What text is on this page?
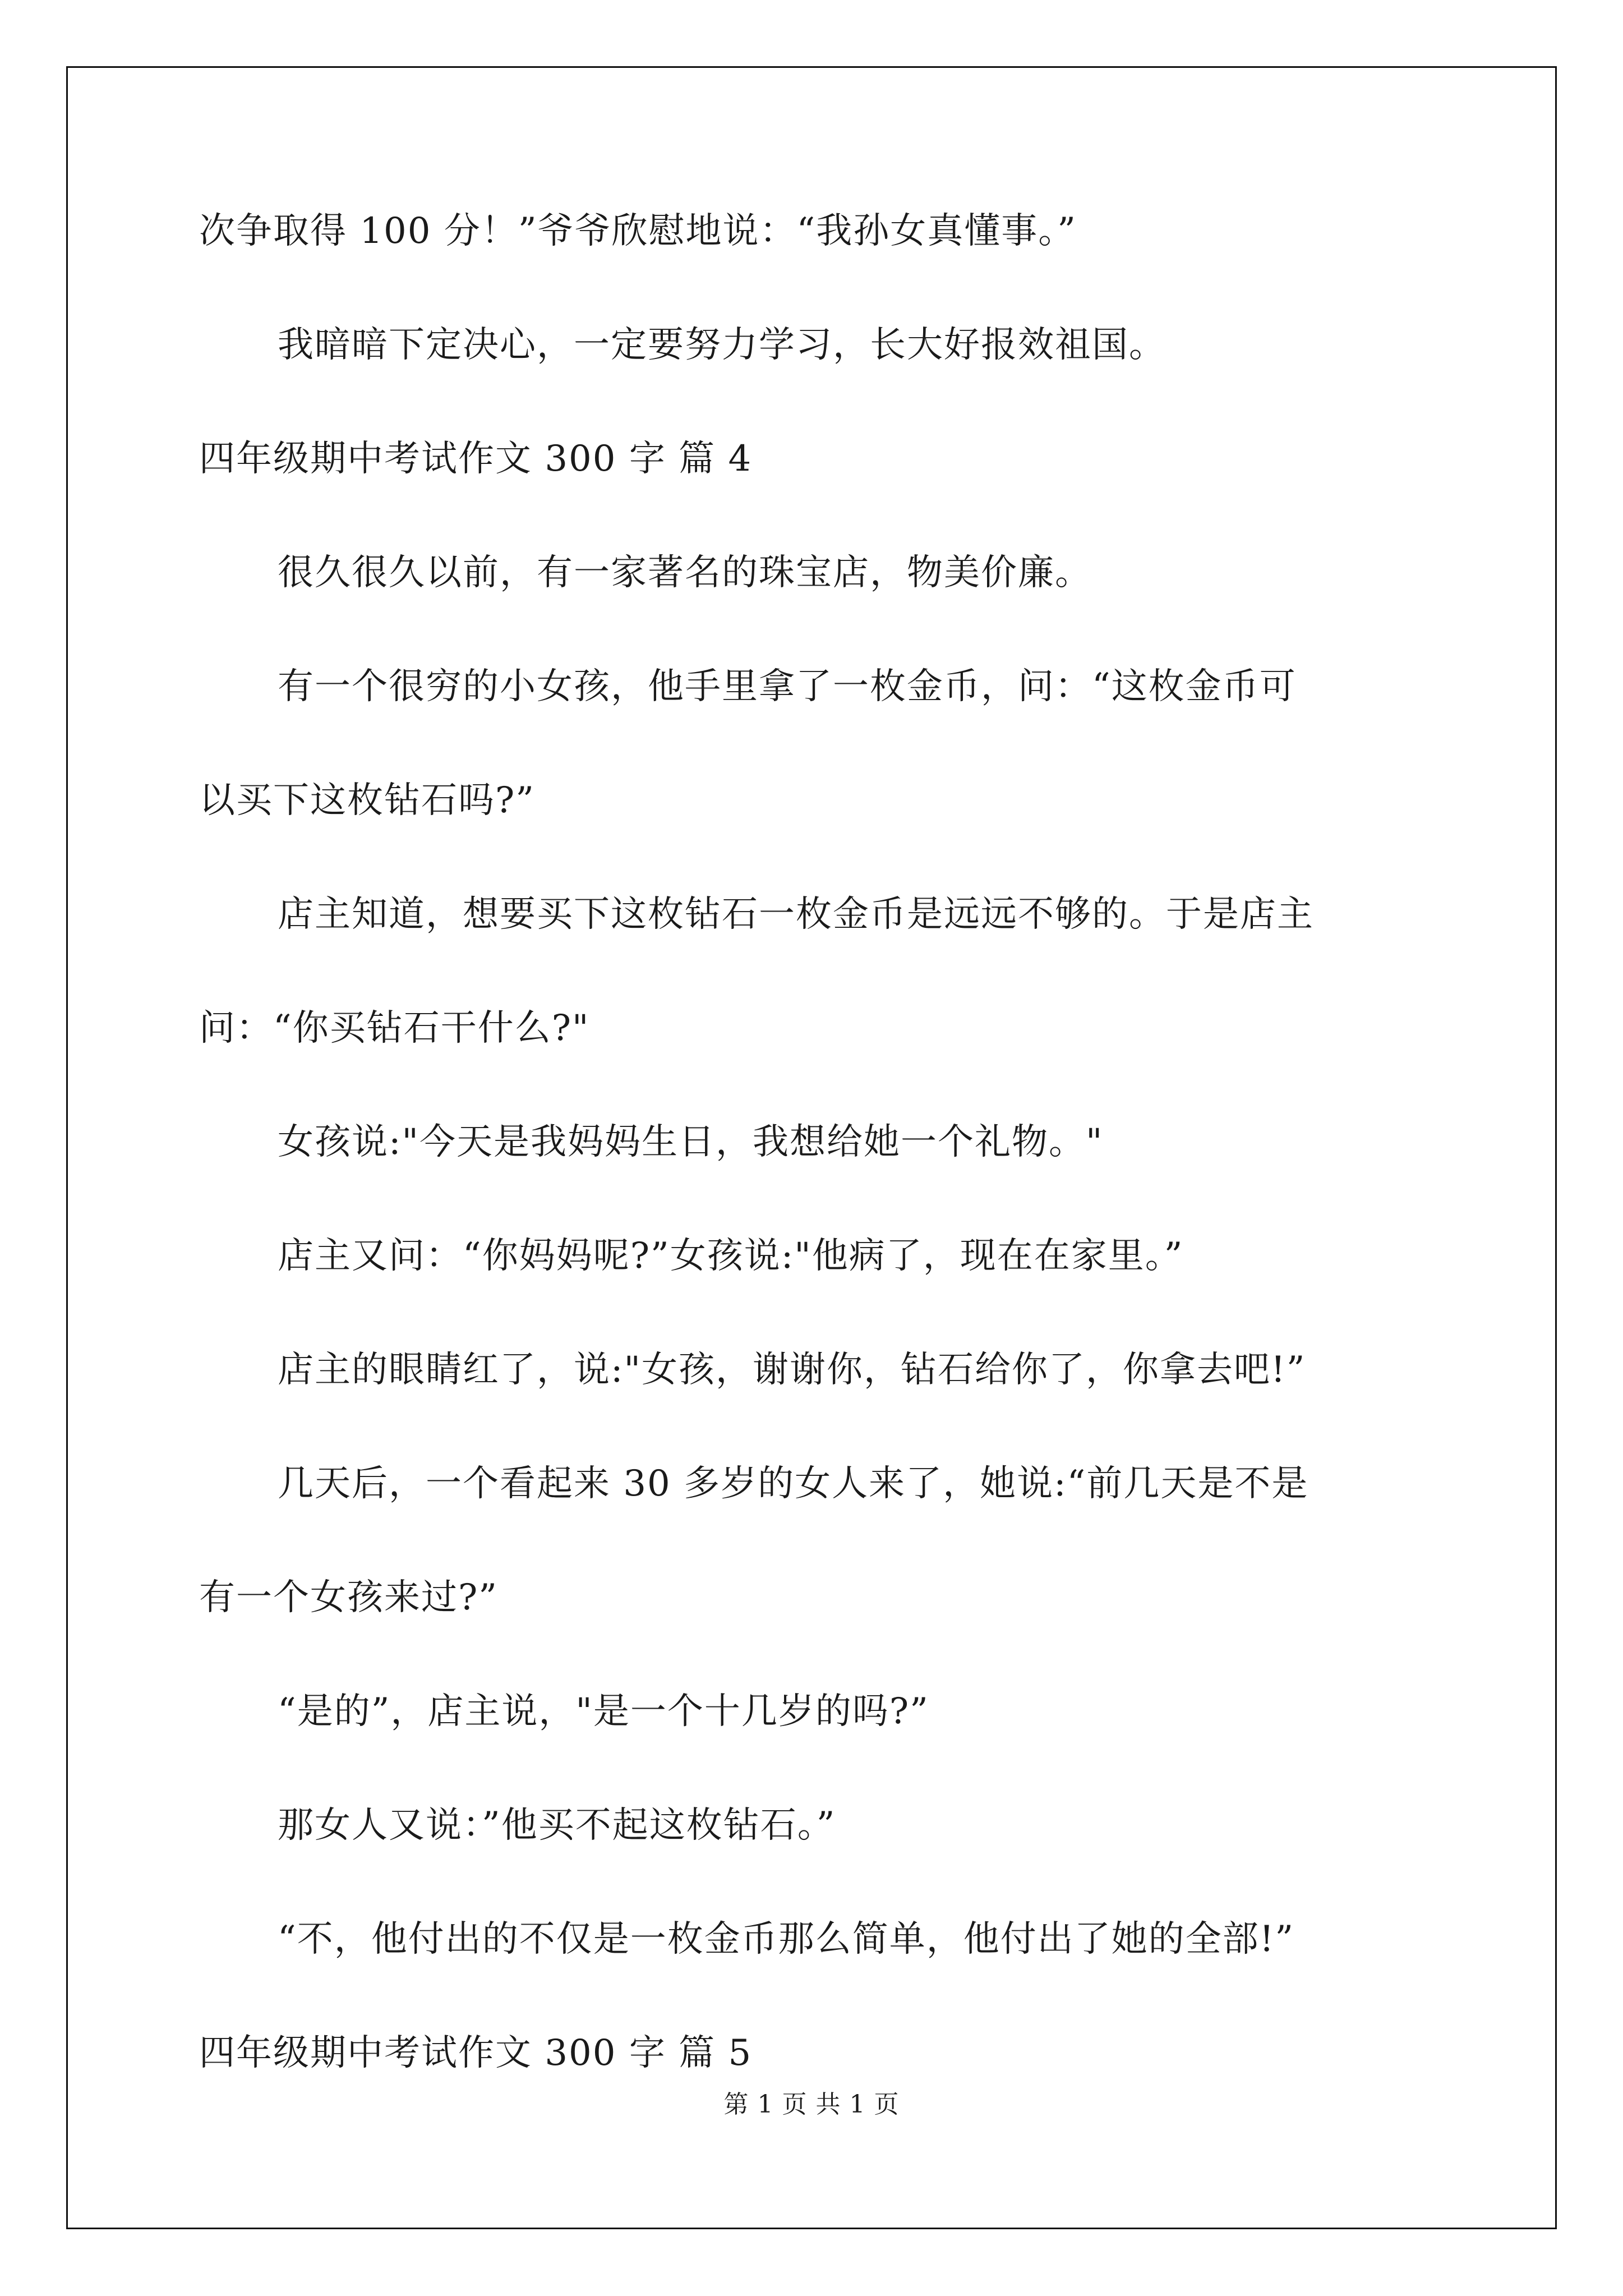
次争取得 100 分！”爷爷欣慰地说：“我孙女真懂事。”
我暗暗下定决心，一定要努力学习，长大好报效祖国。
四年级期中考试作文 300 字 篇 4
很久很久以前，有一家著名的珠宝店，物美价廉。
有一个很穷的小女孩，他手里拿了一枚金币，问：“这枚金币可
以买下这枚钻石吗?”
店主知道，想要买下这枚钻石一枚金币是远远不够的。于是店主
问：“你买钻石干什么?"
女孩说:"今天是我妈妈生日，我想给她一个礼物。"
店主又问：“你妈妈呢?”女孩说:"他病了，现在在家里。”
店主的眼睛红了，说:"女孩，谢谢你，钻石给你了，你拿去吧!”
几天后，一个看起来 30 多岁的女人来了，她说:“前几天是不是
有一个女孩来过?”
“是的”，店主说，"是一个十几岁的吗?”
那女人又说：”他买不起这枚钻石。”
“不，他付出的不仅是一枚金币那么简单，他付出了她的全部!”
四年级期中考试作文 300 字 篇 5
第 1 页 共 1 页
